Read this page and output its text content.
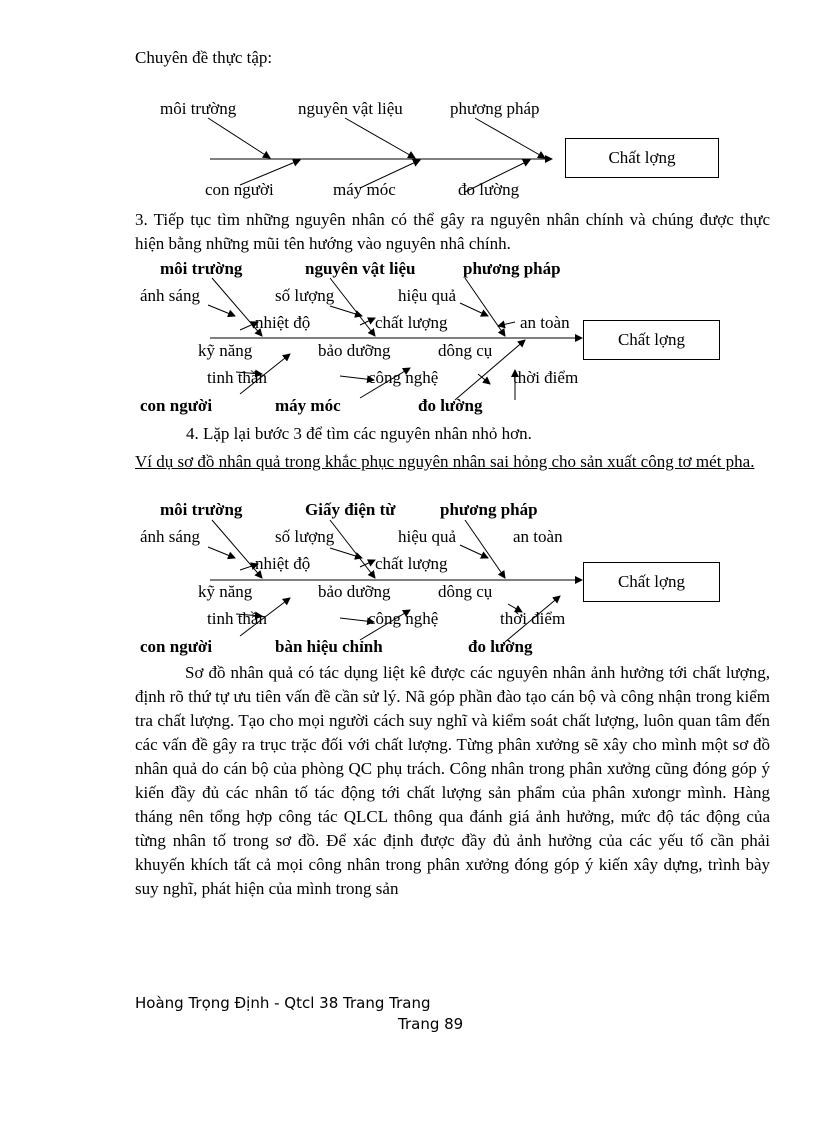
Chuyên đề thực tập:
môi trường	nguyên vật liệu	phương pháp
con người	máy móc	đo lường
Chất lợng
3. Tiếp tục tìm những nguyên nhân có thể gây ra nguyên nhân chính và chúng được thực hiện bằng những mũi tên hướng vào nguyên nhâ chính.
môi trường	nguyên vật liệu	phương pháp
ánh sáng	số lượng	hiệu quả
nhiệt độ	chất lượng	an toàn
kỹ năng	bảo dưỡng	dông cụ
tinh thần	công nghệ	thời điểm
con người	máy móc	đo lường
Chất lợng
4. Lặp lại bước 3 để tìm các nguyên nhân nhỏ hơn.
Ví dụ sơ đồ nhân quả trong khắc phục nguyên nhân sai hỏng cho sản xuất công tơ mét pha.
môi trường	Giấy điện từ	phương pháp
ánh sáng	số lượng	hiệu quả	an toàn
nhiệt độ	chất lượng
kỹ năng	bảo dưỡng	dông cụ
tinh thần	công nghệ	thời điểm
con người	bàn hiệu chỉnh	đo lường
Chất lợng
Sơ đồ nhân quả có tác dụng liệt kê được các nguyên nhân ảnh hưởng tới chất lượng, định rõ thứ tự ưu tiên vấn đề cần sử lý. Nã góp phần đào tạo cán bộ và công nhận trong kiểm tra chất lượng. Tạo cho mọi người cách suy nghĩ và kiểm soát chất lượng, luôn quan tâm đến các vấn đề gây ra trục trặc đối với chất lượng. Từng phân xưởng sẽ xây cho mình một sơ đồ nhân quả do cán bộ của phòng QC phụ trách. Công nhân trong phân xưởng cũng đóng góp ý kiến đầy đủ các nhân tố tác động tới chất lượng sản phẩm của phân xưongr mình. Hàng tháng nên tổng hợp công tác QLCL thông qua đánh giá ảnh hưởng, mức độ tác động của từng nhân tố trong sơ đồ. Để xác định được đầy đủ ảnh hưởng của các yếu tố cần phải khuyến khích tất cả mọi công nhân trong phân xưởng đóng góp ý kiến xây dựng, trình bày suy nghĩ, phát hiện của mình trong sản
Hoàng Trọng Định - Qtcl 38 Trang Trang
Trang 89
